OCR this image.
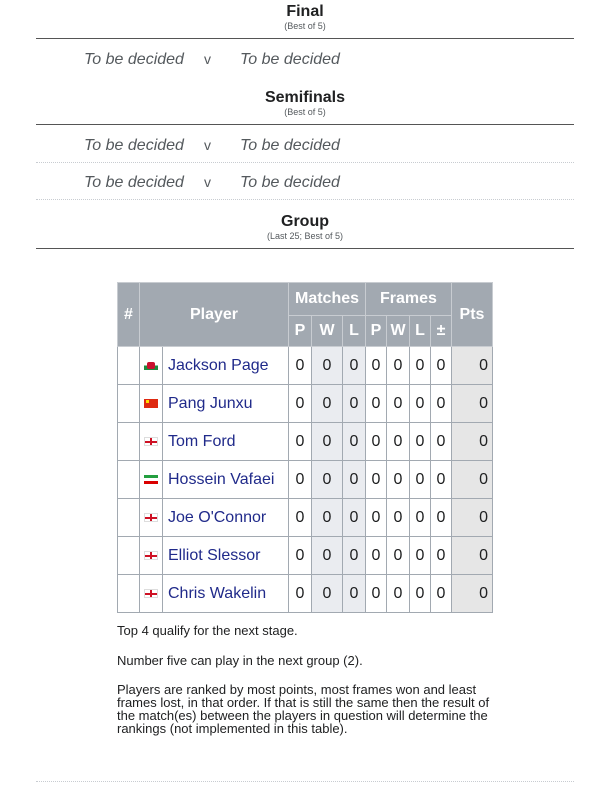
Final
(Best of 5)
To be decided v To be decided
Semifinals
(Best of 5)
To be decided v To be decided
To be decided v To be decided
Group
(Last 25; Best of 5)
#	Player		Matches			Frames				Pts
			P	W	L	P	W	L	±	
		Jackson Page	0	0	0	0	0	0	0	0
		Pang Junxu	0	0	0	0	0	0	0	0
		Tom Ford	0	0	0	0	0	0	0	0
		Hossein Vafaei	0	0	0	0	0	0	0	0
		Joe O'Connor	0	0	0	0	0	0	0	0
		Elliot Slessor	0	0	0	0	0	0	0	0
		Chris Wakelin	0	0	0	0	0	0	0	0
Top 4 qualify for the next stage.
Number five can play in the next group (2).
Players are ranked by most points, most frames won and least frames lost, in that order. If that is still the same then the result of the match(es) between the players in question will determine the rankings (not implemented in this table).
